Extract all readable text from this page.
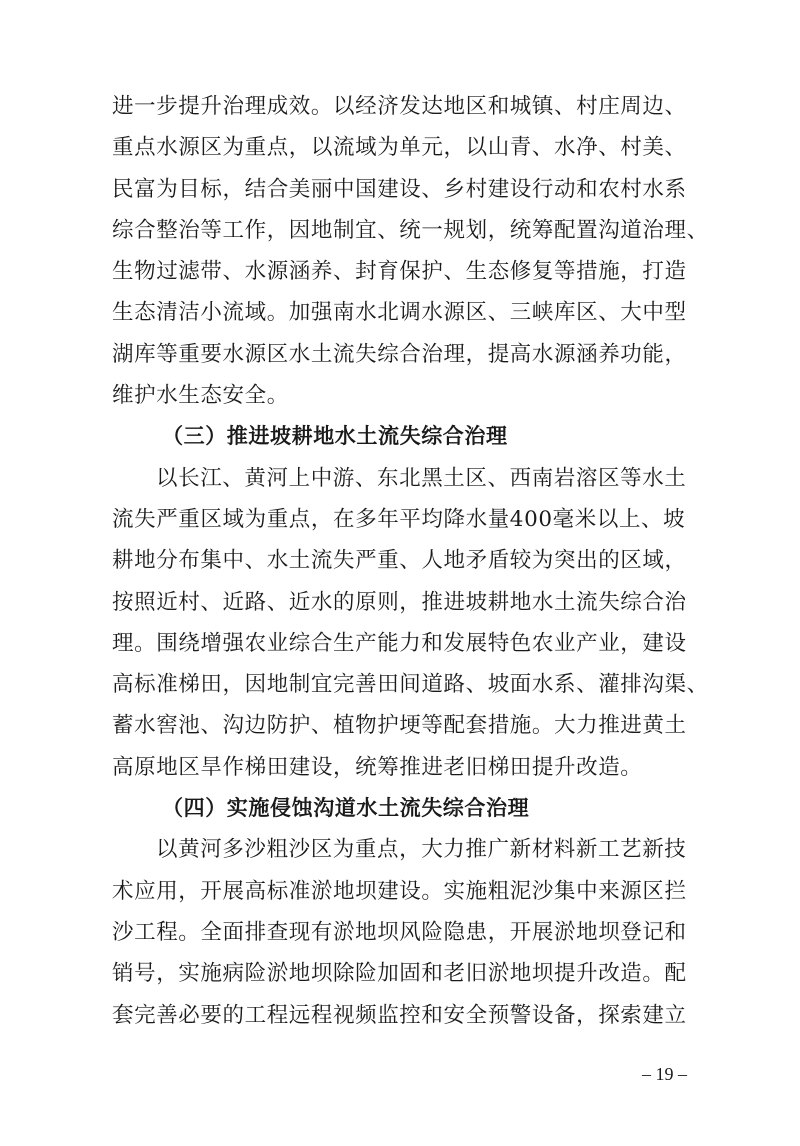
进一步提升治理成效。以经济发达地区和城镇、村庄周边、
重点水源区为重点，以流域为单元，以山青、水净、村美、
民富为目标，结合美丽中国建设、乡村建设行动和农村水系
综合整治等工作，因地制宜、统一规划，统筹配置沟道治理、
生物过滤带、水源涵养、封育保护、生态修复等措施，打造
生态清洁小流域。加强南水北调水源区、三峡库区、大中型
湖库等重要水源区水土流失综合治理，提高水源涵养功能，
维护水生态安全。
（三）推进坡耕地水土流失综合治理
以长江、黄河上中游、东北黑土区、西南岩溶区等水土
流失严重区域为重点，在多年平均降水量400毫米以上、坡
耕地分布集中、水土流失严重、人地矛盾较为突出的区域，
按照近村、近路、近水的原则，推进坡耕地水土流失综合治
理。围绕增强农业综合生产能力和发展特色农业产业，建设
高标准梯田，因地制宜完善田间道路、坡面水系、灌排沟渠、
蓄水窖池、沟边防护、植物护埂等配套措施。大力推进黄土
高原地区旱作梯田建设，统筹推进老旧梯田提升改造。
（四）实施侵蚀沟道水土流失综合治理
以黄河多沙粗沙区为重点，大力推广新材料新工艺新技
术应用，开展高标准淤地坝建设。实施粗泥沙集中来源区拦
沙工程。全面排查现有淤地坝风险隐患，开展淤地坝登记和
销号，实施病险淤地坝除险加固和老旧淤地坝提升改造。配
套完善必要的工程远程视频监控和安全预警设备，探索建立
– 19 –
